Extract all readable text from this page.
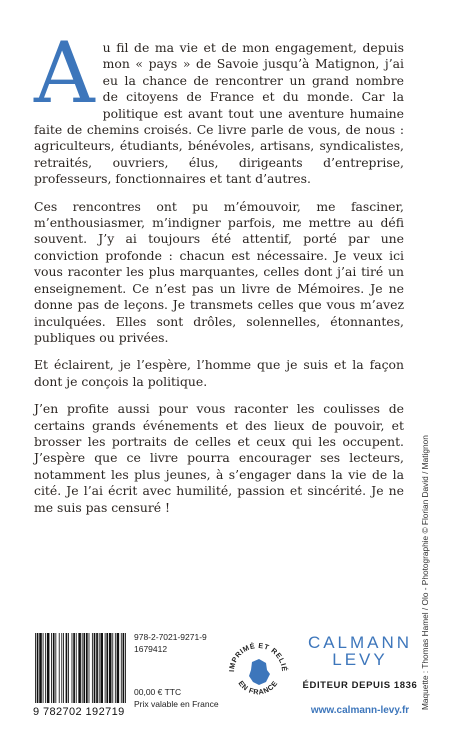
Au fil de ma vie et de mon engagement, depuis mon « pays » de Savoie jusqu’à Matignon, j’ai eu la chance de rencontrer un grand nombre de citoyens de France et du monde. Car la politique est avant tout une aventure humaine faite de chemins croisés. Ce livre parle de vous, de nous : agriculteurs, étudiants, bénévoles, artisans, syndicalistes, retraités, ouvriers, élus, dirigeants d’entreprise, professeurs, fonctionnaires et tant d’autres.

Ces rencontres ont pu m’émouvoir, me fasciner, m’enthousiasmer, m’indigner parfois, me mettre au défi souvent. J’y ai toujours été attentif, porté par une conviction profonde : chacun est nécessaire. Je veux ici vous raconter les plus marquantes, celles dont j’ai tiré un enseignement. Ce n’est pas un livre de Mémoires. Je ne donne pas de leçons. Je transmets celles que vous m’avez inculquées. Elles sont drôles, solennelles, étonnantes, publiques ou privées.

Et éclairent, je l’espère, l’homme que je suis et la façon dont je conçois la politique.

J’en profite aussi pour vous raconter les coulisses de certains grands événements et des lieux de pouvoir, et brosser les portraits de celles et ceux qui les occupent. J’espère que ce livre pourra encourager ses lecteurs, notamment les plus jeunes, à s’engager dans la vie de la cité. Je l’ai écrit avec humilité, passion et sincérité. Je ne me suis pas censuré !	Maquette : Thomas Hamel / Olo - Photographie © Florian David / Matignon
9 782702 192719
978-2-7021-9271-9
1679412
00,00 € TTC
Prix valable en France
IMPRIMÉ ET RELIÉ
EN FRANCE
CALMANN
LEVY
ÉDITEUR DEPUIS 1836
www.calmann-levy.fr
